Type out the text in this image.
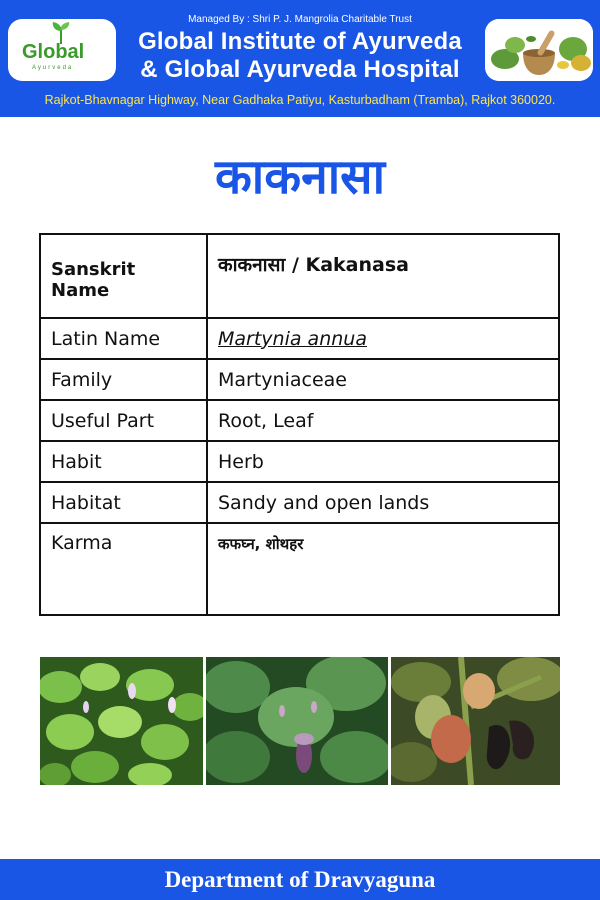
Managed By : Shri P. J. Mangrolia Charitable Trust
Global
Ayurveda
Global Institute of Ayurveda
& Global Ayurveda Hospital
Rajkot-Bhavnagar Highway, Near Gadhaka Patiyu, Kasturbadham (Tramba), Rajkot 360020.
काकनासा
Sanskrit Name	काकनासा / Kakanasa
Latin Name	Martynia annua
Family	Martyniaceae
Useful Part	Root, Leaf
Habit	Herb
Habitat	Sandy and open lands
Karma	कफघ्न, शोथहर
Department of Dravyaguna
